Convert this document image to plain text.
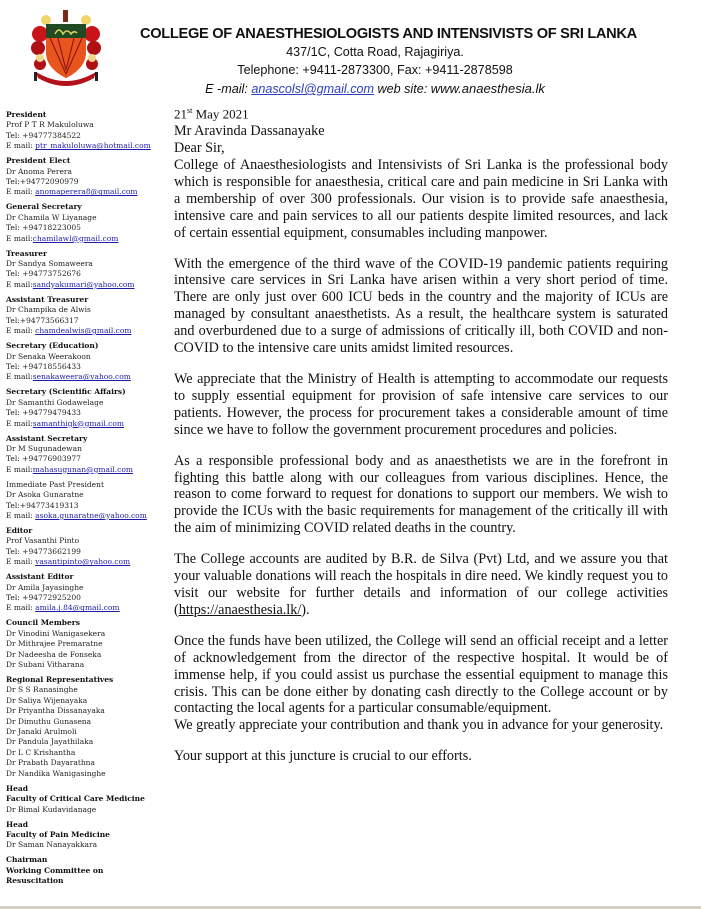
COLLEGE OF ANAESTHESIOLOGISTS AND INTENSIVISTS OF SRI LANKA
437/1C, Cotta Road, Rajagiriya.
Telephone: +9411-2873300, Fax: +9411-2878598
E -mail: anascolsl@gmail.com web site: www.anaesthesia.lk
President
Prof P T R Makuloluwa
Tel: +94777384522
E mail: ptr_makuloluwa@hotmail.com
President Elect
Dr Anoma Perera
Tel:+94772090979
E mail: anomaperera8@gmail.com
General Secretary
Dr Chamila W Liyanage
Tel: +94718223005
E mail:chamilawl@gmail.com
Treasurer
Dr Sandya Somaweera
Tel: +94773752676
E mail:sandyakumari@yahoo.com
Assistant Treasurer
Dr Champika de Alwis
Tel:+94773566317
E mail: chamdealwis@gmail.com
Secretary (Education)
Dr Senaka Weerakoon
Tel: +94718556433
E mail:senakaweera@yahoo.com
Secretary (Scientific Affairs)
Dr Samanthi Godawelage
Tel: +94779479433
E mail:samanthigk@gmail.com
Assistant Secretary
Dr M Sugunadewan
Tel: +94776903977
E mail:mahasugunan@gmail.com
Immediate Past President
Dr Asoka Gunaratne
Tel:+94773419313
E mail: asoka.gunaratne@yahoo.com
Editor
Prof Vasanthi Pinto
Tel: +94773662199
E mail: vasantipinto@yahoo.com
Assistant Editor
Dr Amila Jayasinghe
Tel: +94772925200
E mail: amila.j.84@gmail.com
Council Members
Dr Vinodini Wanigasekera
Dr Mithrajee Premaratne
Dr Nadeesha de Fonseka
Dr Subani Vitharana
Regional Representatives
Dr S S Ranasinghe
Dr Saliya Wijenayaka
Dr Priyantha Dissanayaka
Dr Dimuthu Gunasena
Dr Janaki Arulmoli
Dr Pandula Jayathilaka
Dr L C Krishantha
Dr Prabath Dayarathna
Dr Nandika Wanigasinghe
Head
Faculty of Critical Care Medicine
Dr Bimal Kudavidanage
Head
Faculty of Pain Medicine
Dr Saman Nanayakkara
Chairman
Working Committee on
Resuscitation

21st May 2021

Mr Aravinda Dassanayake

Dear Sir,

College of Anaesthesiologists and Intensivists of Sri Lanka is the professional body which is responsible for anaesthesia, critical care and pain medicine in Sri Lanka with a membership of over 300 professionals. Our vision is to provide safe anaesthesia, intensive care and pain services to all our patients despite limited resources, and lack of certain essential equipment, consumables including manpower.

With the emergence of the third wave of the COVID-19 pandemic patients requiring intensive care services in Sri Lanka have arisen within a very short period of time. There are only just over 600 ICU beds in the country and the majority of ICUs are managed by consultant anaesthetists. As a result, the healthcare system is saturated and overburdened due to a surge of admissions of critically ill, both COVID and non-COVID to the intensive care units amidst limited resources.

We appreciate that the Ministry of Health is attempting to accommodate our requests to supply essential equipment for provision of safe intensive care services to our patients. However, the process for procurement takes a considerable amount of time since we have to follow the government procurement procedures and policies.

As a responsible professional body and as anaesthetists we are in the forefront in fighting this battle along with our colleagues from various disciplines. Hence, the reason to come forward to request for donations to support our members. We wish to provide the ICUs with the basic requirements for management of the critically ill with the aim of minimizing COVID related deaths in the country.

The College accounts are audited by B.R. de Silva (Pvt) Ltd, and we assure you that your valuable donations will reach the hospitals in dire need. We kindly request you to visit our website for further details and information of our college activities (https://anaesthesia.lk/).

Once the funds have been utilized, the College will send an official receipt and a letter of acknowledgement from the director of the respective hospital. It would be of immense help, if you could assist us purchase the essential equipment to manage this crisis. This can be done either by donating cash directly to the College account or by contacting the local agents for a particular consumable/equipment.

We greatly appreciate your contribution and thank you in advance for your generosity.

Your support at this juncture is crucial to our efforts.
